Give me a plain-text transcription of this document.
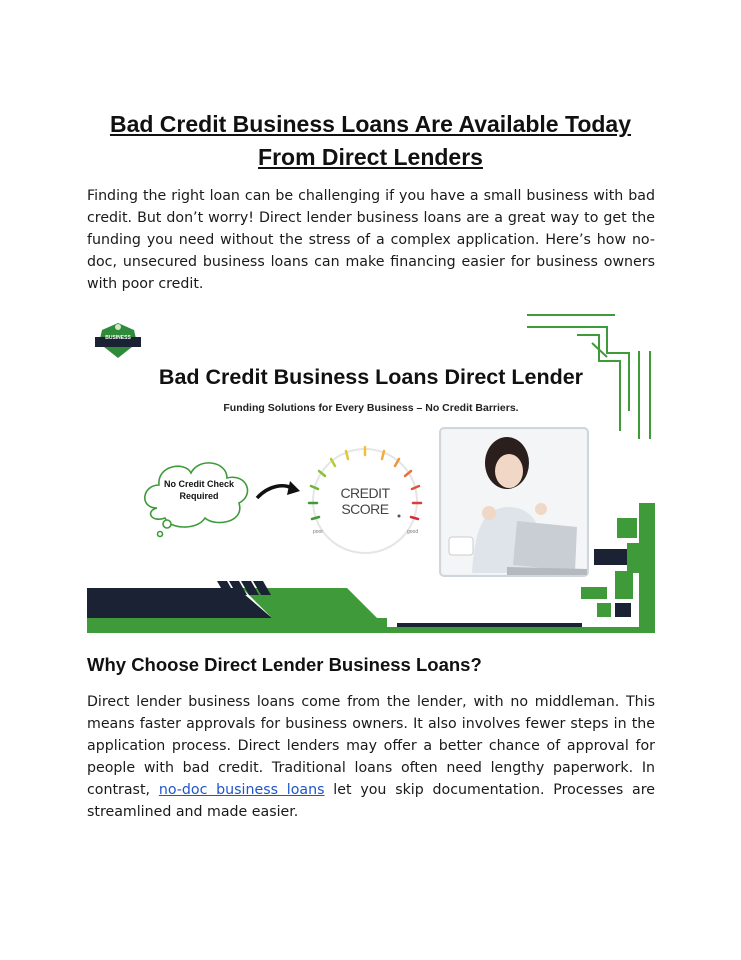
Bad Credit Business Loans Are Available Today
From Direct Lenders
Finding the right loan can be challenging if you have a small business with bad credit. But don’t worry! Direct lender business loans are a great way to get the funding you need without the stress of a complex application. Here’s how no-doc, unsecured business loans can make financing easier for business owners with poor credit.
BUSINESS
Bad Credit Business Loans Direct Lender
Funding Solutions for Every Business – No Credit Barriers.
No Credit Check
Required	CREDIT
SCORE
poor	good
Why Choose Direct Lender Business Loans?
Direct lender business loans come from the lender, with no middleman. This means faster approvals for business owners. It also involves fewer steps in the application process. Direct lenders may offer a better chance of approval for people with bad credit. Traditional loans often need lengthy paperwork. In contrast, no-doc business loans let you skip documentation. Processes are streamlined and made easier.
